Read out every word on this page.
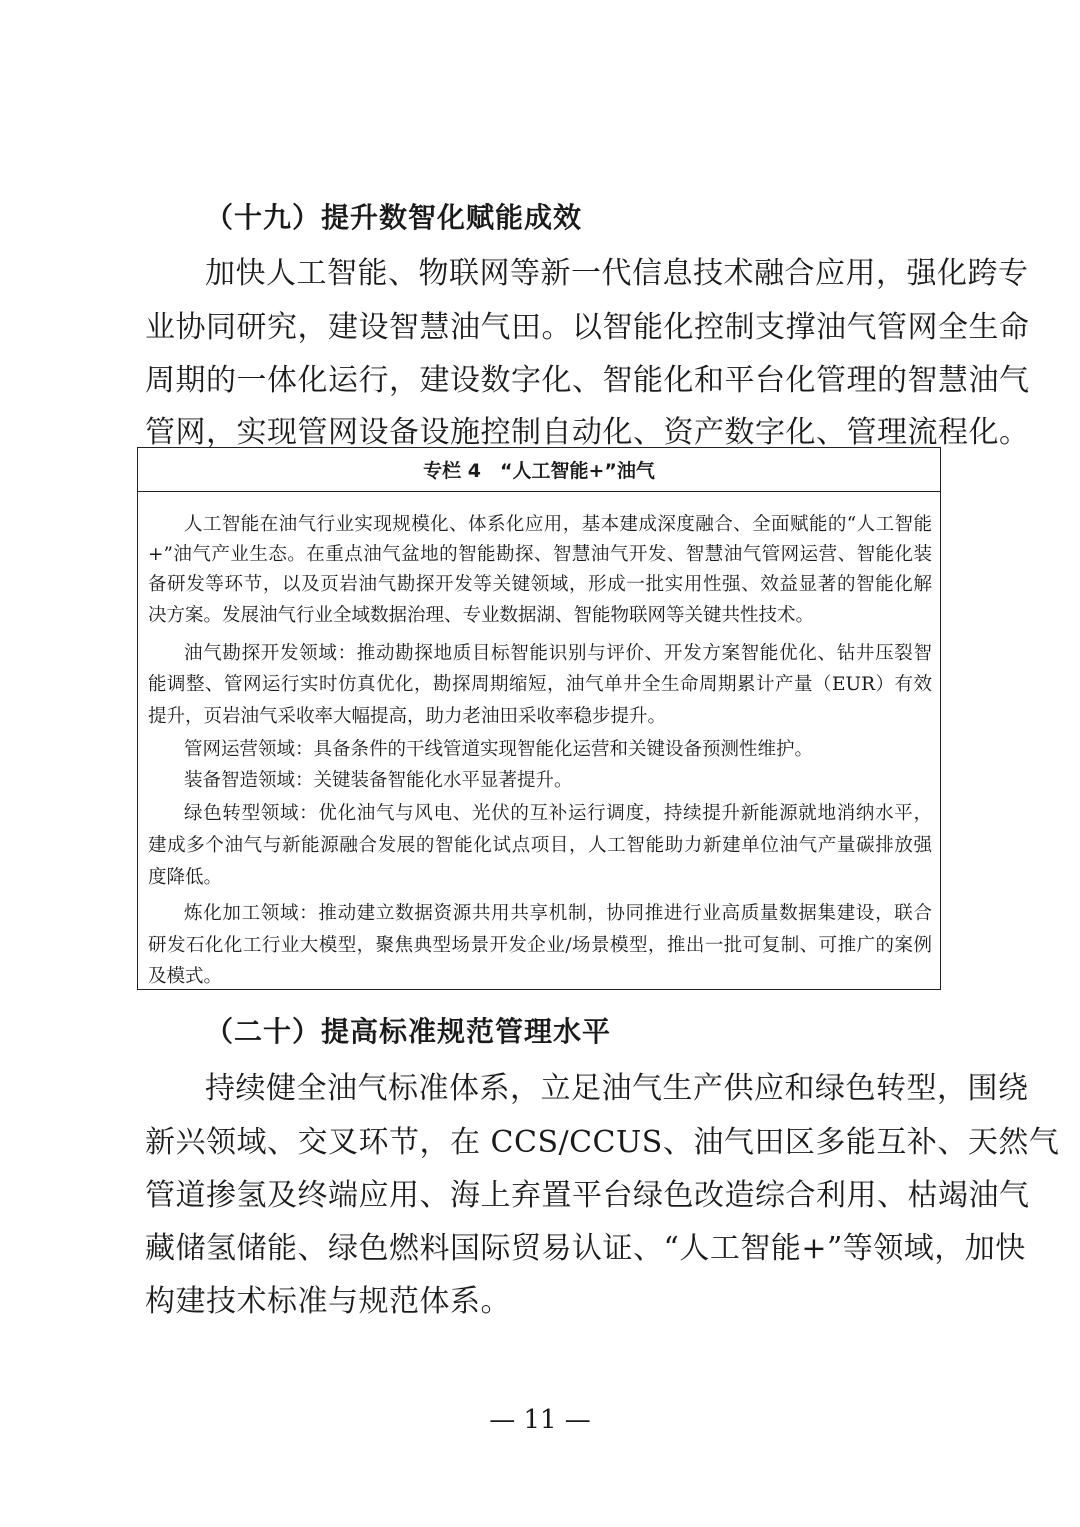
（十九）提升数智化赋能成效
加快人工智能、物联网等新一代信息技术融合应用，强化跨专
业协同研究，建设智慧油气田。以智能化控制支撑油气管网全生命
周期的一体化运行，建设数字化、智能化和平台化管理的智慧油气
管网，实现管网设备设施控制自动化、资产数字化、管理流程化。
专栏 4　“人工智能+”油气
人工智能在油气行业实现规模化、体系化应用，基本建成深度融合、全面赋能的“人工智能
+”油气产业生态。在重点油气盆地的智能勘探、智慧油气开发、智慧油气管网运营、智能化装
备研发等环节，以及页岩油气勘探开发等关键领域，形成一批实用性强、效益显著的智能化解
决方案。发展油气行业全域数据治理、专业数据湖、智能物联网等关键共性技术。
油气勘探开发领域：推动勘探地质目标智能识别与评价、开发方案智能优化、钻井压裂智
能调整、管网运行实时仿真优化，勘探周期缩短，油气单井全生命周期累计产量（EUR）有效
提升，页岩油气采收率大幅提高，助力老油田采收率稳步提升。
管网运营领域：具备条件的干线管道实现智能化运营和关键设备预测性维护。
装备智造领域：关键装备智能化水平显著提升。
绿色转型领域：优化油气与风电、光伏的互补运行调度，持续提升新能源就地消纳水平，
建成多个油气与新能源融合发展的智能化试点项目，人工智能助力新建单位油气产量碳排放强
度降低。
炼化加工领域：推动建立数据资源共用共享机制，协同推进行业高质量数据集建设，联合
研发石化化工行业大模型，聚焦典型场景开发企业/场景模型，推出一批可复制、可推广的案例
及模式。
（二十）提高标准规范管理水平
持续健全油气标准体系，立足油气生产供应和绿色转型，围绕
新兴领域、交叉环节，在 CCS/CCUS、油气田区多能互补、天然气
管道掺氢及终端应用、海上弃置平台绿色改造综合利用、枯竭油气
藏储氢储能、绿色燃料国际贸易认证、“人工智能+”等领域，加快
构建技术标准与规范体系。
— 11 —
